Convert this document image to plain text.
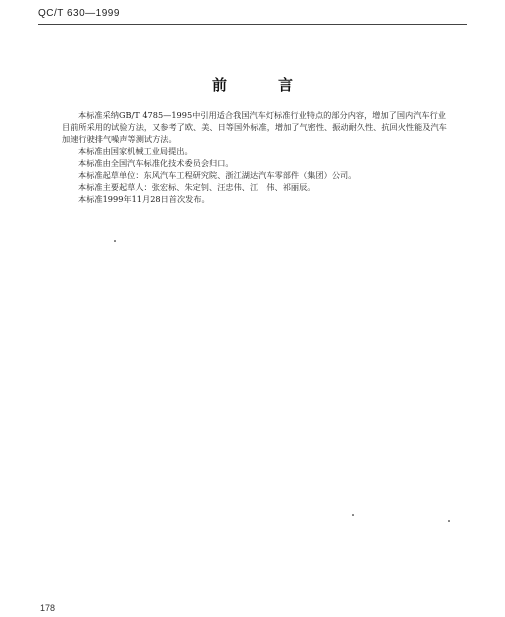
QC/T 630—1999
前　言

本标准采纳GB/T 4785—1995中引用适合我国汽车灯标准行业特点的部分内容，增加了国内汽车行业目前所采用的试验方法，又参考了欧、美、日等国外标准，增加了气密性、振动耐久性、抗回火性能及汽车加速行驶排气噪声等测试方法。

本标准由国家机械工业局提出。

本标准由全国汽车标准化技术委员会归口。

本标准起草单位：东风汽车工程研究院、浙江湖达汽车零部件（集团）公司。

本标准主要起草人：张宏标、朱定钊、汪忠伟、江　伟、祁丽辰。

本标准1999年11月28日首次发布。

178
